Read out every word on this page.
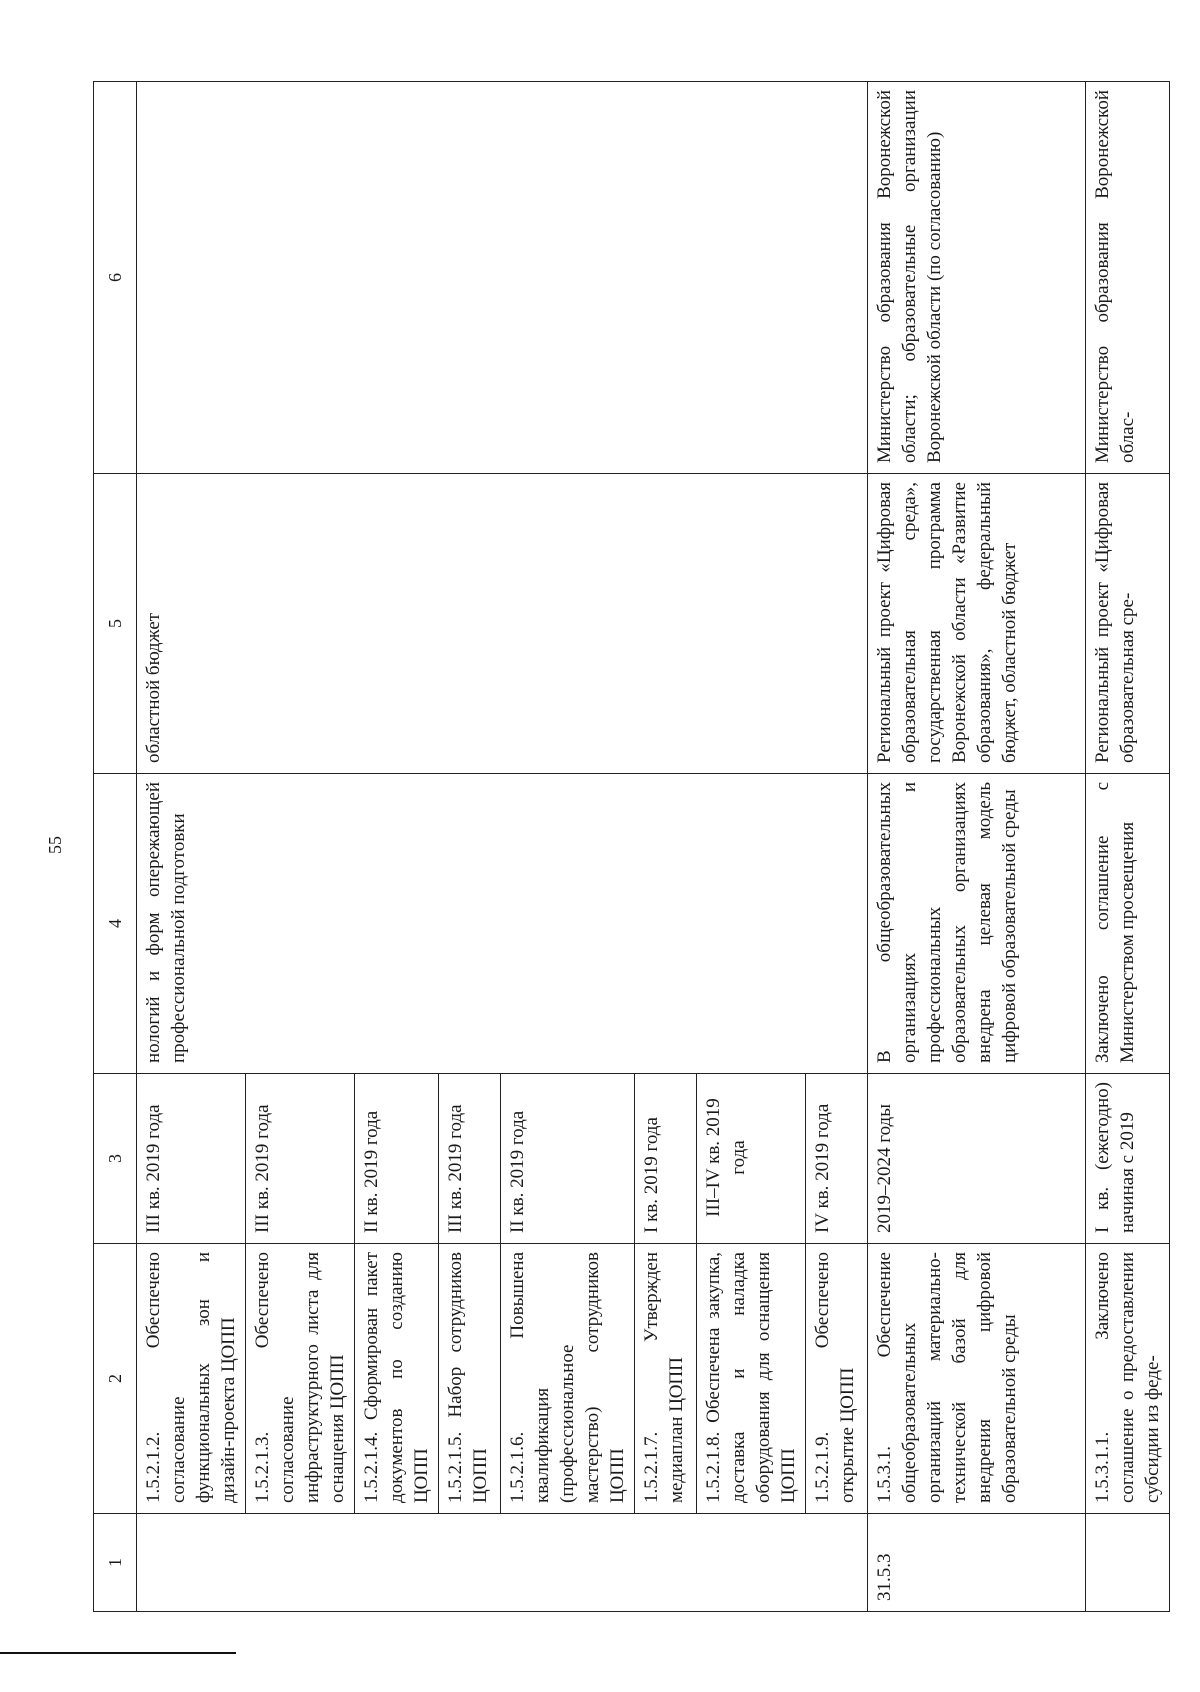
55
1	2	3	4	5	6
	1.5.2.1.2. Обеспечено согласование функциональных зон и дизайн-проекта ЦОПП	III кв. 2019 года	нологий и форм опережающей профессиональной подготовки	областной бюджет	
	1.5.2.1.3. Обеспечено согласование инфраструктурного листа для оснащения ЦОПП	III кв. 2019 года			
	1.5.2.1.4. Сформирован пакет документов по созданию ЦОПП	II кв. 2019 года			
	1.5.2.1.5. Набор сотрудников ЦОПП	III кв. 2019 года			
	1.5.2.1.6. Повышена квалификация (профессиональное мастерство) сотрудников ЦОПП	II кв. 2019 года			
	1.5.2.1.7. Утвержден медиаплан ЦОПП	I кв. 2019 года			
	1.5.2.1.8. Обеспечена закупка, доставка и наладка оборудования для оснащения ЦОПП	III–IV кв. 2019 года			
	1.5.2.1.9. Обеспечено открытие ЦОПП	IV кв. 2019 года			
31.5.3	1.5.3.1. Обеспечение общеобразовательных организаций материально-технической базой для внедрения цифровой образовательной среды	2019–2024 годы	В общеобразовательных организациях и профессиональных образовательных организациях внедрена целевая модель цифровой образовательной среды	Региональный проект «Цифровая образовательная среда», государственная программа Воронежской области «Развитие образования», федеральный бюджет, областной бюджет	Министерство образования Воронежской области; образовательные организации Воронежской области (по согласованию)
	1.5.3.1.1. Заключено соглашение о предоставлении субсидии из феде-	I кв. (ежегодно) начиная с 2019	Заключено соглашение с Министерством просвещения	Региональный проект «Цифровая образовательная сре-	Министерство образования Воронежской облас-
